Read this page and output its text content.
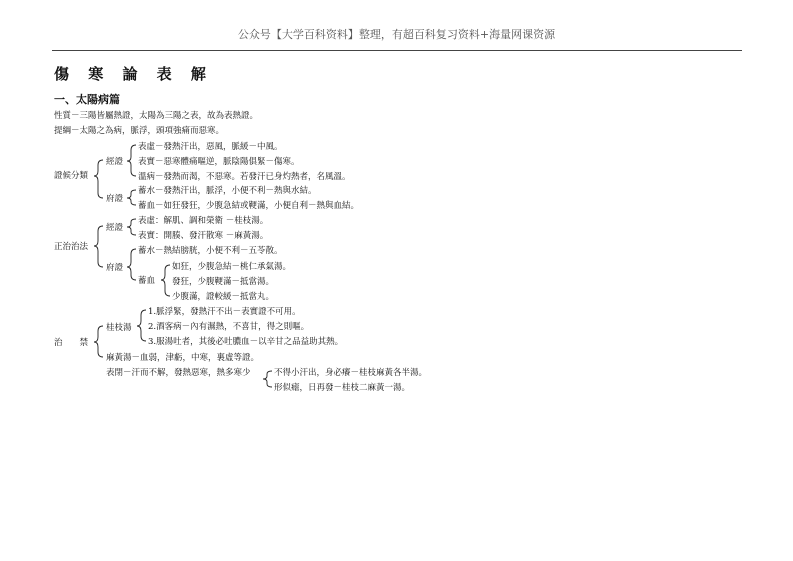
公众号【大学百科资料】整理，有超百科复习资料+海量网课资源
傷 寒 論 表 解
一、太陽病篇
性質－三陽皆屬熱證，太陽為三陽之表，故為表熱證。
提綱－太陽之為病，脈浮，頭項強痛而惡寒。
證候分類
經證
表虛－發熱汗出，惡風，脈緩－中風。
表實－惡寒體痛嘔逆，脈陰陽俱緊－傷寒。
溫病－發熱而渴，不惡寒。若發汗已身灼熱者，名風溫。
府證
蓄水－發熱汗出，脈浮，小便不利－熱與水結。
蓄血－如狂發狂，少腹急結或鞕滿，小便自利－熱與血結。
正治治法
經證
表虛：解肌、調和榮衛 －桂枝湯。
表實：開腠、發汗散寒 －麻黃湯。
府證
蓄水－熱結膀胱，小便不利－五苓散。
蓄血
如狂，少腹急結－桃仁承氣湯。
發狂，少腹鞕滿－抵當湯。
少腹滿，證較緩－抵當丸。
治　　禁
桂枝湯
1.脈浮緊，發熱汗不出－表實證不可用。
2.酒客病－內有濕熱，不喜甘，得之則嘔。
3.服湯吐者，其後必吐膿血－以辛甘之品益助其熱。
麻黃湯－血弱，津虧，中寒，裏虛等證。
表閉－汗而不解，發熱惡寒，熱多寒少	不得小汗出，身必癢－桂枝麻黃各半湯。
形似瘧，日再發－桂枝二麻黃一湯。
